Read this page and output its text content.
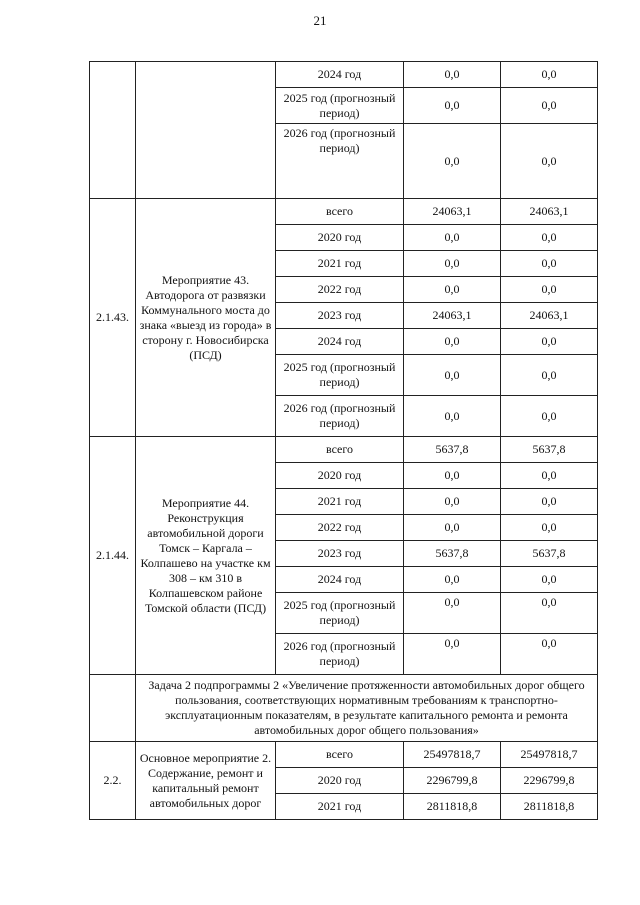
21
		2024 год	0,0	0,0
		2025 год (прогнозный период)	0,0	0,0
		2026 год (прогнозный период)	0,0	0,0
2.1.43.	Мероприятие 43. Автодорога от развязки Коммунального моста до знака «выезд из города» в сторону г. Новосибирска (ПСД)	всего	24063,1	24063,1
		2020 год	0,0	0,0
		2021 год	0,0	0,0
		2022 год	0,0	0,0
		2023 год	24063,1	24063,1
		2024 год	0,0	0,0
		2025 год (прогнозный период)	0,0	0,0
		2026 год (прогнозный период)	0,0	0,0
2.1.44.	Мероприятие 44. Реконструкция автомобильной дороги Томск – Каргала – Колпашево на участке км 308 – км 310 в Колпашевском районе Томской области (ПСД)	всего	5637,8	5637,8
		2020 год	0,0	0,0
		2021 год	0,0	0,0
		2022 год	0,0	0,0
		2023 год	5637,8	5637,8
		2024 год	0,0	0,0
		2025 год (прогнозный период)	0,0	0,0
		2026 год (прогнозный период)	0,0	0,0
	Задача 2 подпрограммы 2 «Увеличение протяженности автомобильных дорог общего пользования, соответствующих нормативным требованиям к транспортно-эксплуатационным показателям, в результате капитального ремонта и ремонта автомобильных дорог общего пользования»			
2.2.	Основное мероприятие 2. Содержание, ремонт и капитальный ремонт автомобильных дорог	всего	25497818,7	25497818,7
		2020 год	2296799,8	2296799,8
		2021 год	2811818,8	2811818,8
